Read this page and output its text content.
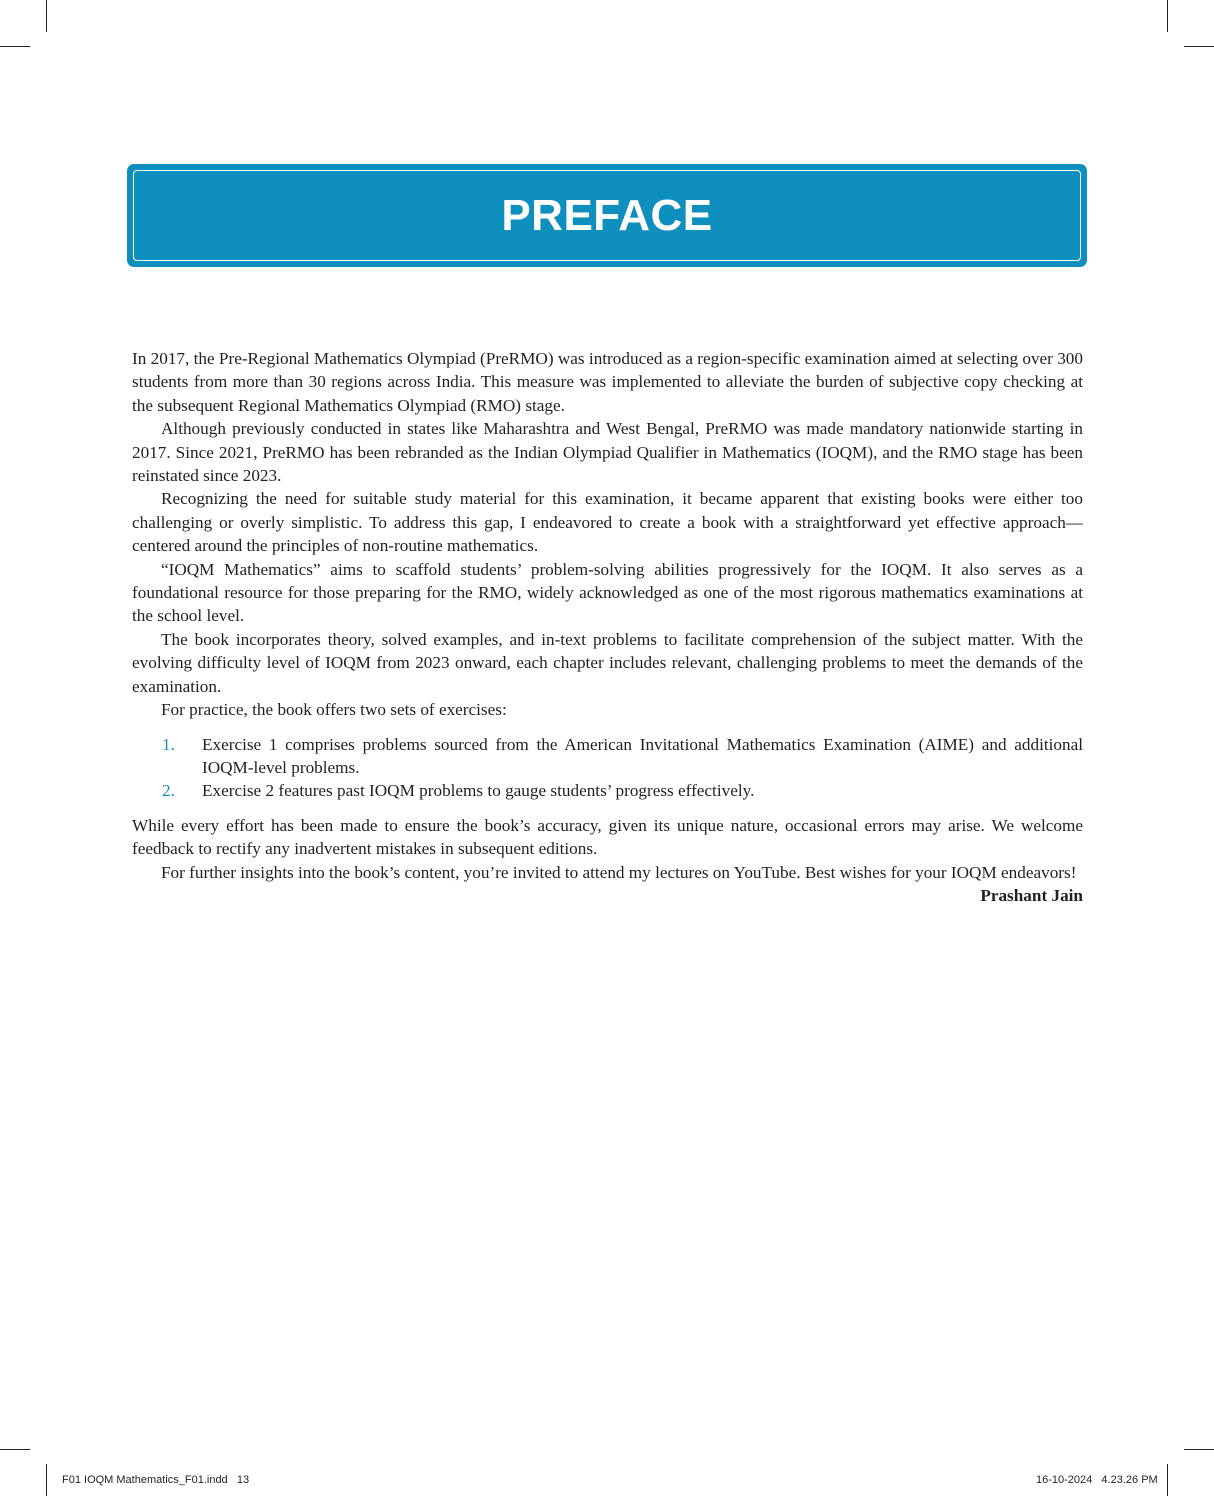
PREFACE

In 2017, the Pre-Regional Mathematics Olympiad (PreRMO) was introduced as a region-specific examination aimed at selecting over 300 students from more than 30 regions across India. This measure was implemented to alleviate the burden of subjective copy checking at the subsequent Regional Mathematics Olympiad (RMO) stage.

Although previously conducted in states like Maharashtra and West Bengal, PreRMO was made mandatory nationwide starting in 2017. Since 2021, PreRMO has been rebranded as the Indian Olympiad Qualifier in Mathematics (IOQM), and the RMO stage has been reinstated since 2023.

Recognizing the need for suitable study material for this examination, it became apparent that existing books were either too challenging or overly simplistic. To address this gap, I endeavored to create a book with a straightforward yet effective approach—centered around the principles of non-routine mathematics.

“IOQM Mathematics” aims to scaffold students’ problem-solving abilities progressively for the IOQM. It also serves as a foundational resource for those preparing for the RMO, widely acknowledged as one of the most rigorous mathematics examinations at the school level.

The book incorporates theory, solved examples, and in-text problems to facilitate comprehension of the subject matter. With the evolving difficulty level of IOQM from 2023 onward, each chapter includes relevant, challenging problems to meet the demands of the examination.

For practice, the book offers two sets of exercises:

1. Exercise 1 comprises problems sourced from the American Invitational Mathematics Examination (AIME) and additional IOQM-level problems.
2. Exercise 2 features past IOQM problems to gauge students’ progress effectively.

While every effort has been made to ensure the book’s accuracy, given its unique nature, occasional errors may arise. We welcome feedback to rectify any inadvertent mistakes in subsequent editions.

For further insights into the book’s content, you’re invited to attend my lectures on YouTube. Best wishes for your IOQM endeavors!

Prashant Jain

F01 IOQM Mathematics_F01.indd   13	16-10-2024   4.23.26 PM
